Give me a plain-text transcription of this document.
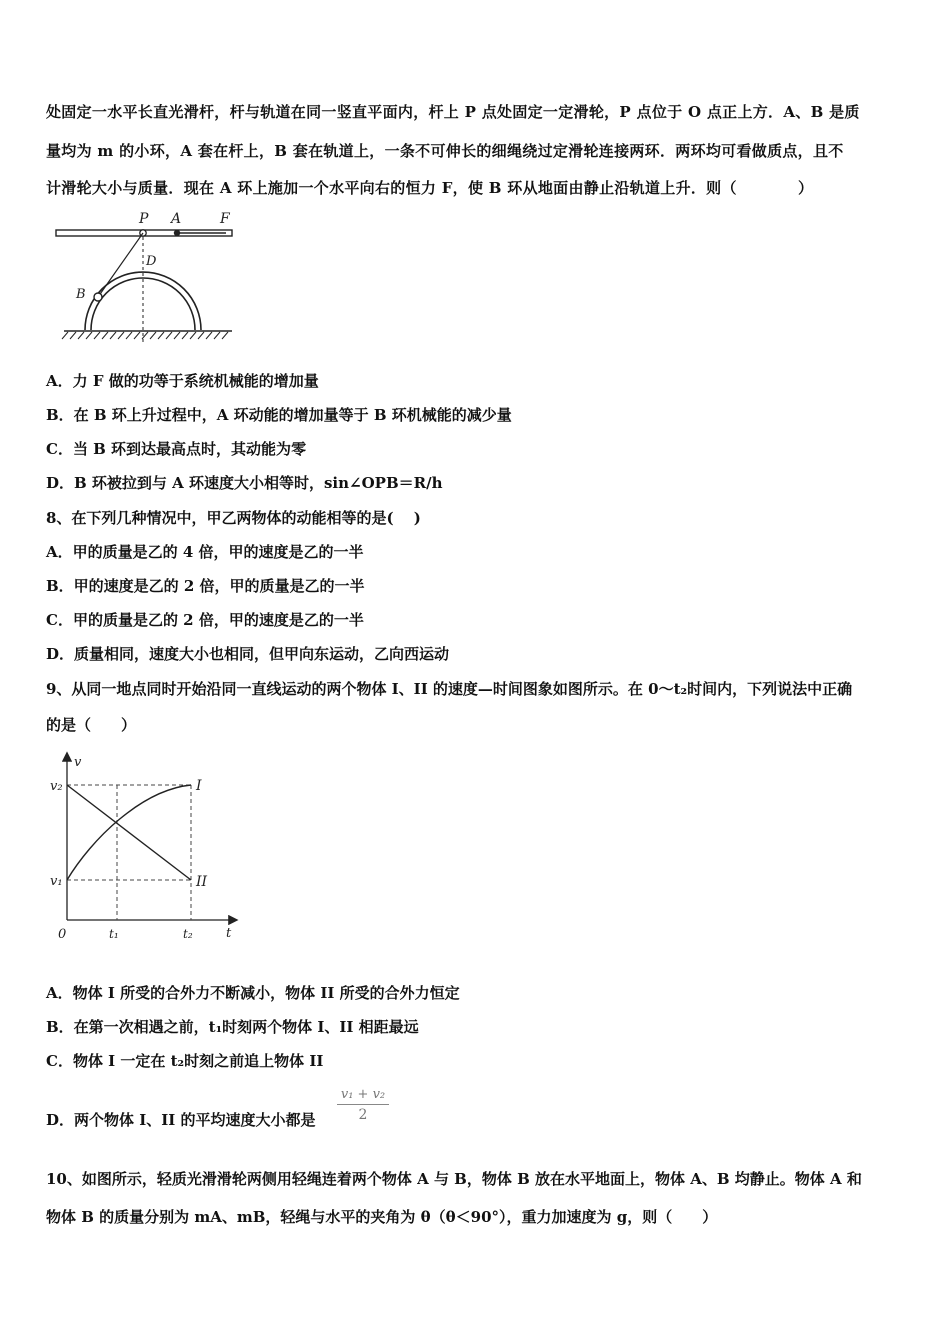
处固定一水平长直光滑杆，杆与轨道在同一竖直平面内，杆上 P 点处固定一定滑轮，P 点位于 O 点正上方．A、B 是质
量均为 m 的小环，A 套在杆上，B 套在轨道上，一条不可伸长的细绳绕过定滑轮连接两环．两环均可看做质点，且不
计滑轮大小与质量．现在 A 环上施加一个水平向右的恒力 F，使 B 环从地面由静止沿轨道上升．则（　　　　）
P A	F
D
B
A．力 F 做的功等于系统机械能的增加量
B．在 B 环上升过程中，A 环动能的增加量等于 B 环机械能的减少量
C．当 B 环到达最高点时，其动能为零
D．B 环被拉到与 A 环速度大小相等时，sin∠OPB＝R/h
8、在下列几种情况中，甲乙两物体的动能相等的是(　 )
A．甲的质量是乙的 4 倍，甲的速度是乙的一半
B．甲的速度是乙的 2 倍，甲的质量是乙的一半
C．甲的质量是乙的 2 倍，甲的速度是乙的一半
D．质量相同，速度大小也相同，但甲向东运动，乙向西运动
9、从同一地点同时开始沿同一直线运动的两个物体 I、II 的速度—时间图象如图所示。在 0～t₂时间内，下列说法中正确
的是（　　）
v
t
0
v₂
v₁
t₁	t₂
I
II
A．物体 I 所受的合外力不断减小，物体 II 所受的合外力恒定
B．在第一次相遇之前，t₁时刻两个物体 I、II 相距最远
C．物体 I 一定在 t₂时刻之前追上物体 II
D．两个物体 I、II 的平均速度大小都是 $\frac{\text{v₁ + v₂}}{2}$
10、如图所示，轻质光滑滑轮两侧用轻绳连着两个物体 A 与 B，物体 B 放在水平地面上，物体 A、B 均静止。物体 A 和
物体 B 的质量分别为 mA、mB，轻绳与水平的夹角为 θ（θ＜90°），重力加速度为 g，则（　　）
